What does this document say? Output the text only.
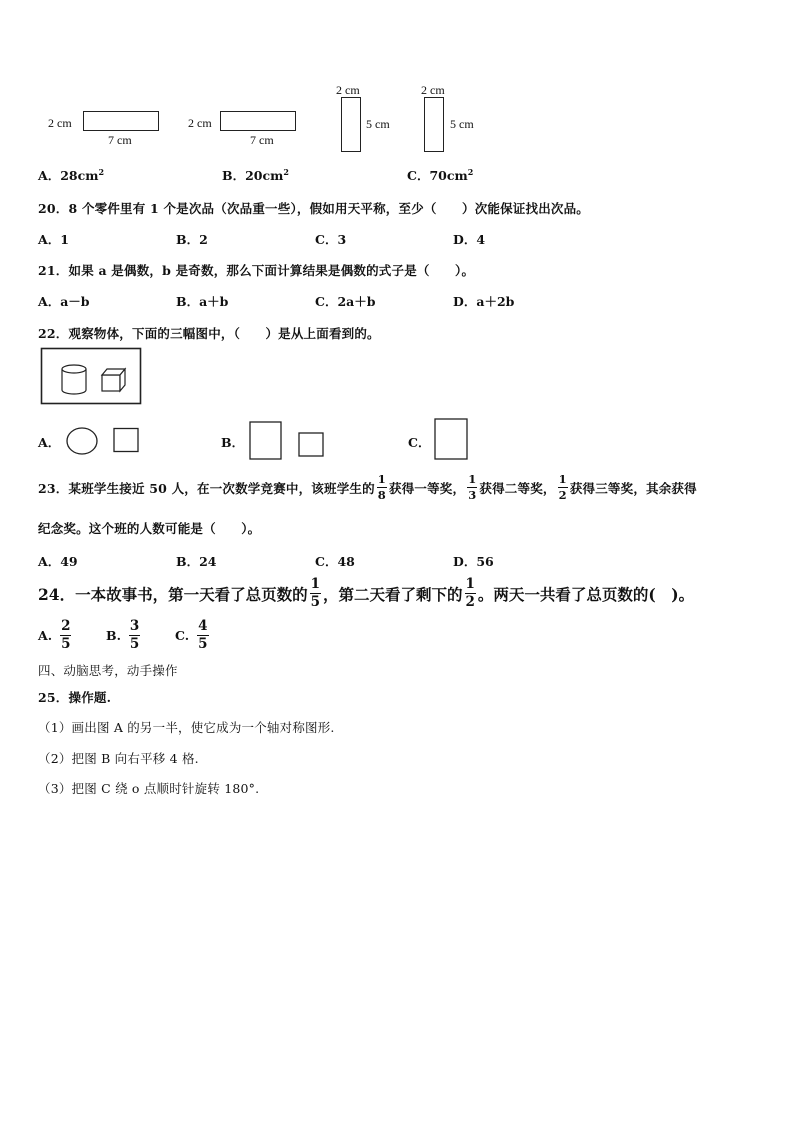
2 cm
7 cm
2 cm
7 cm
2 cm
5 cm
2 cm
5 cm
A．$28cm^2$	B．$20cm^2$	C．$70cm^2$
20．8 个零件里有 1 个是次品（次品重一些），假如用天平称，至少（　　）次能保证找出次品。
A．1	B．2	C．3	D．4
21．如果 a 是偶数，b 是奇数，那么下面计算结果是偶数的式子是（　　）。
A．a－b	B．a＋b	C．2a＋b	D．a＋2b
22．观察物体，下面的三幅图中，（　　）是从上面看到的。
A．	B．	C．
23．某班学生接近 50 人，在一次数学竞赛中，该班学生的 $\frac{1}{8}$ 获得一等奖， $\frac{1}{3}$ 获得二等奖， $\frac{1}{2}$ 获得三等奖，其余获得
纪念奖。这个班的人数可能是（　　）。
A．49	B．24	C．48	D．56
24．一本故事书，第一天看了总页数的 $\frac{1}{5}$ ，第二天看了剩下的 $\frac{1}{2}$ 。两天一共看了总页数的(　)。
A. $\frac{2}{5}$	B. $\frac{3}{5}$	C. $\frac{4}{5}$
四、动脑思考，动手操作
25．操作题.
（1）画出图 A 的另一半，使它成为一个轴对称图形.
（2）把图 B 向右平移 4 格.
（3）把图 C 绕 o 点顺时针旋转 180°.
